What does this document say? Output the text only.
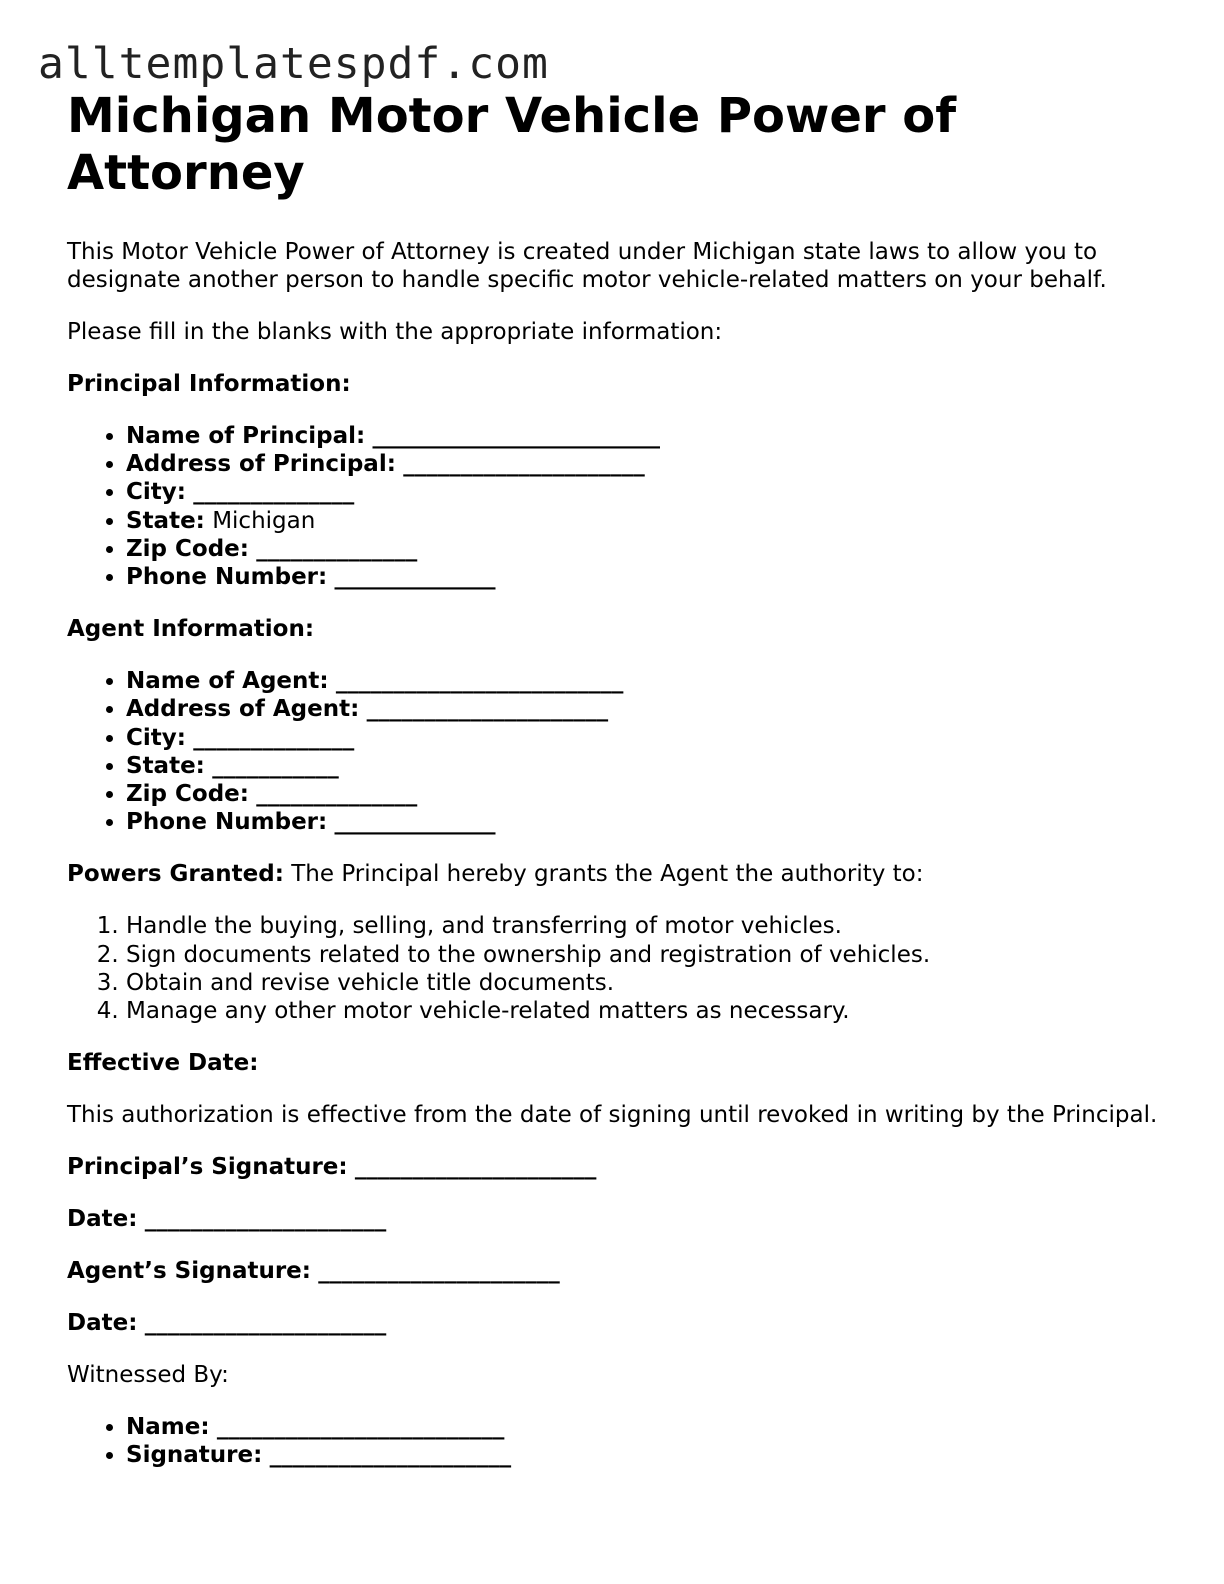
alltemplatespdf.com
Michigan Motor Vehicle Power of Attorney

This Motor Vehicle Power of Attorney is created under Michigan state laws to allow you to designate another person to handle specific motor vehicle-related matters on your behalf.

Please fill in the blanks with the appropriate information:

Principal Information:

• Name of Principal: _________________________
• Address of Principal: _____________________
• City: ______________
• State: Michigan
• Zip Code: ______________
• Phone Number: ______________

Agent Information:

• Name of Agent: _________________________
• Address of Agent: _____________________
• City: ______________
• State: ___________
• Zip Code: ______________
• Phone Number: ______________

Powers Granted: The Principal hereby grants the Agent the authority to:

1. Handle the buying, selling, and transferring of motor vehicles.
2. Sign documents related to the ownership and registration of vehicles.
3. Obtain and revise vehicle title documents.
4. Manage any other motor vehicle-related matters as necessary.

Effective Date:

This authorization is effective from the date of signing until revoked in writing by the Principal.

Principal’s Signature: _____________________

Date: _____________________

Agent’s Signature: _____________________

Date: _____________________

Witnessed By:

• Name: _________________________
• Signature: _____________________
